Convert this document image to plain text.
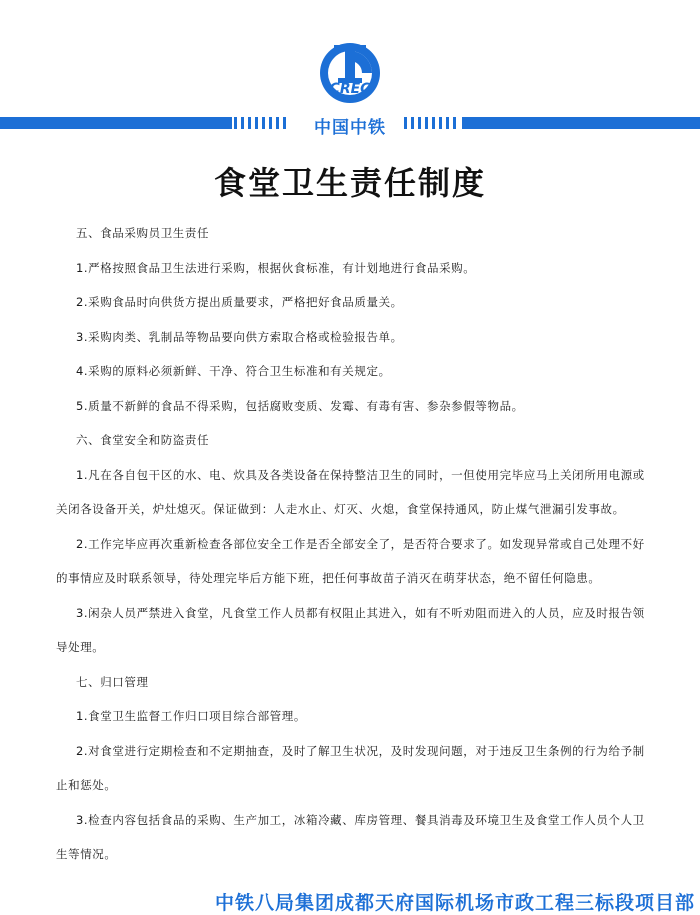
CREC
中国中铁
食堂卫生责任制度

五、食品采购员卫生责任

1.严格按照食品卫生法进行采购，根据伙食标准，有计划地进行食品采购。

2.采购食品时向供货方提出质量要求，严格把好食品质量关。

3.采购肉类、乳制品等物品要向供方索取合格或检验报告单。

4.采购的原料必须新鲜、干净、符合卫生标准和有关规定。

5.质量不新鲜的食品不得采购，包括腐败变质、发霉、有毒有害、参杂参假等物品。

六、食堂安全和防盗责任

1.凡在各自包干区的水、电、炊具及各类设备在保持整洁卫生的同时，一但使用完毕应马上关闭所用电源或关闭各设备开关，炉灶熄灭。保证做到：人走水止、灯灭、火熄，食堂保持通风，防止煤气泄漏引发事故。

2.工作完毕应再次重新检查各部位安全工作是否全部安全了，是否符合要求了。如发现异常或自己处理不好的事情应及时联系领导，待处理完毕后方能下班，把任何事故苗子消灭在萌芽状态，绝不留任何隐患。

3.闲杂人员严禁进入食堂，凡食堂工作人员都有权阻止其进入，如有不听劝阻而进入的人员，应及时报告领导处理。

七、归口管理

1.食堂卫生监督工作归口项目综合部管理。

2.对食堂进行定期检查和不定期抽查，及时了解卫生状况，及时发现问题，对于违反卫生条例的行为给予制止和惩处。

3.检查内容包括食品的采购、生产加工，冰箱冷藏、库房管理、餐具消毒及环境卫生及食堂工作人员个人卫生等情况。

中铁八局集团成都天府国际机场市政工程三标段项目部
